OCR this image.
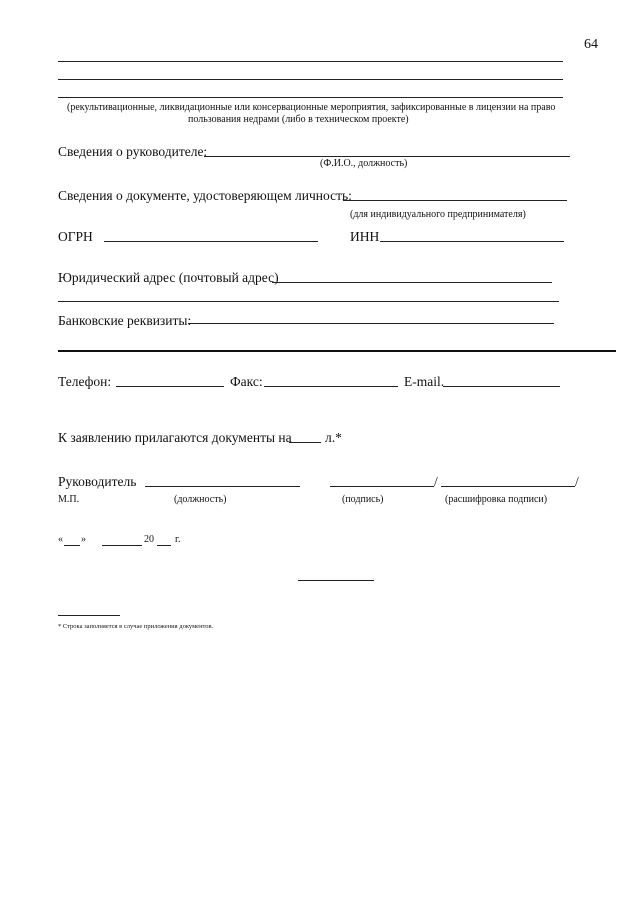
64
(рекультивационные, ликвидационные или консервационные мероприятия, зафиксированные в лицензии на право
пользования недрами (либо в техническом проекте)
Сведения о руководителе:
(Ф.И.О., должность)
Сведения о документе, удостоверяющем личность:
(для индивидуального предпринимателя)
ОГРН	ИНН
Юридический адрес (почтовый адрес)
Банковские реквизиты:
Телефон:	Факс:	E-mail.
К заявлению прилагаются документы на л.*
Руководитель	/	/
М.П.	(должность)	(подпись)	(расшифровка подписи)
« »	20 г.
* Строка заполняется в случае приложения документов.
